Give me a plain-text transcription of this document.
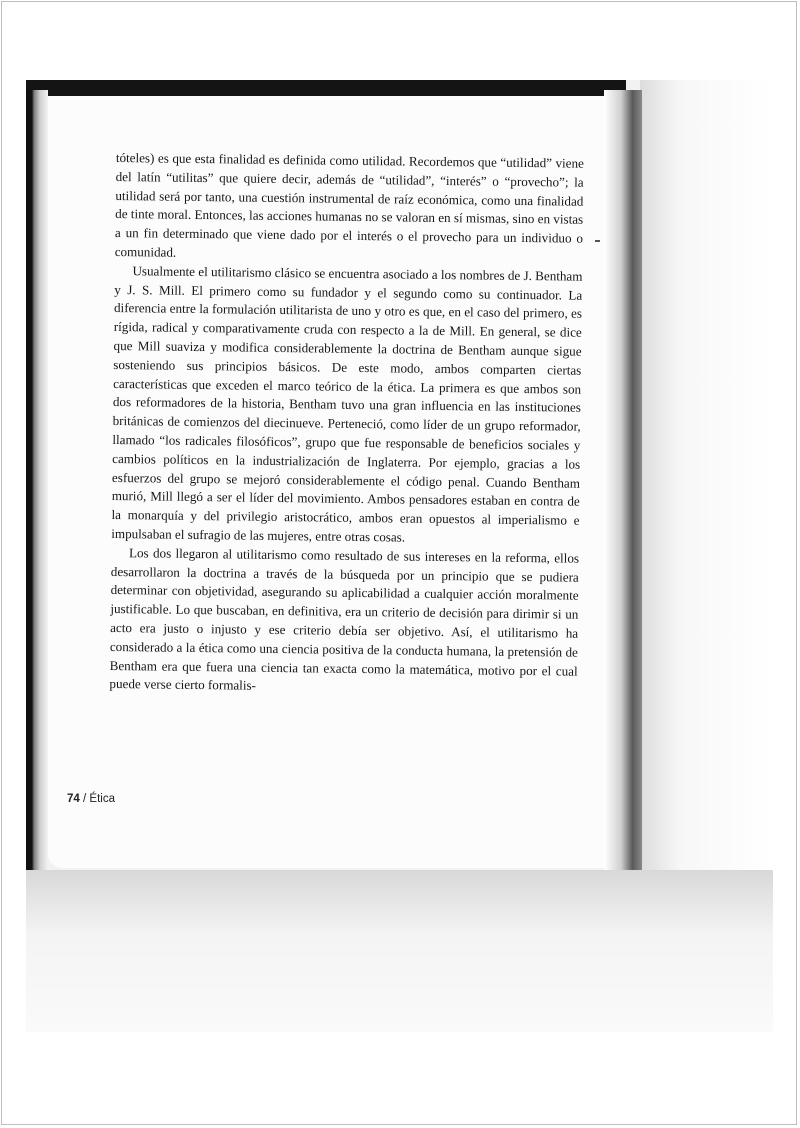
tóteles) es que esta finalidad es definida como utilidad. Recordemos que “utilidad” viene del latín “utilitas” que quiere decir, además de “utilidad”, “interés” o “provecho”; la utilidad será por tanto, una cuestión instrumental de raíz económica, como una finalidad de tinte moral. Entonces, las acciones humanas no se valoran en sí mismas, sino en vistas a un fin determinado que viene dado por el interés o el provecho para un individuo o comunidad.

Usualmente el utilitarismo clásico se encuentra asociado a los nombres de J. Bentham y J. S. Mill. El primero como su fundador y el segundo como su continuador. La diferencia entre la formulación utilitarista de uno y otro es que, en el caso del primero, es rígida, radical y comparativamente cruda con respecto a la de Mill. En general, se dice que Mill suaviza y modifica considerablemente la doctrina de Bentham aunque sigue sosteniendo sus principios básicos. De este modo, ambos comparten ciertas características que exceden el marco teórico de la ética. La primera es que ambos son dos reformadores de la historia, Bentham tuvo una gran influencia en las instituciones británicas de comienzos del diecinueve. Perteneció, como líder de un grupo reformador, llamado “los radicales filosóficos”, grupo que fue responsable de beneficios sociales y cambios políticos en la industrialización de Inglaterra. Por ejemplo, gracias a los esfuerzos del grupo se mejoró considerablemente el código penal. Cuando Bentham murió, Mill llegó a ser el líder del movimiento. Ambos pensadores estaban en contra de la monarquía y del privilegio aristocrático, ambos eran opuestos al imperialismo e impulsaban el sufragio de las mujeres, entre otras cosas.

Los dos llegaron al utilitarismo como resultado de sus intereses en la reforma, ellos desarrollaron la doctrina a través de la búsqueda por un principio que se pudiera determinar con objetividad, asegurando su aplicabilidad a cualquier acción moralmente justificable. Lo que buscaban, en definitiva, era un criterio de decisión para dirimir si un acto era justo o injusto y ese criterio debía ser objetivo. Así, el utilitarismo ha considerado a la ética como una ciencia positiva de la conducta humana, la pretensión de Bentham era que fuera una ciencia tan exacta como la matemática, motivo por el cual puede verse cierto formalis-

74 / Ética
